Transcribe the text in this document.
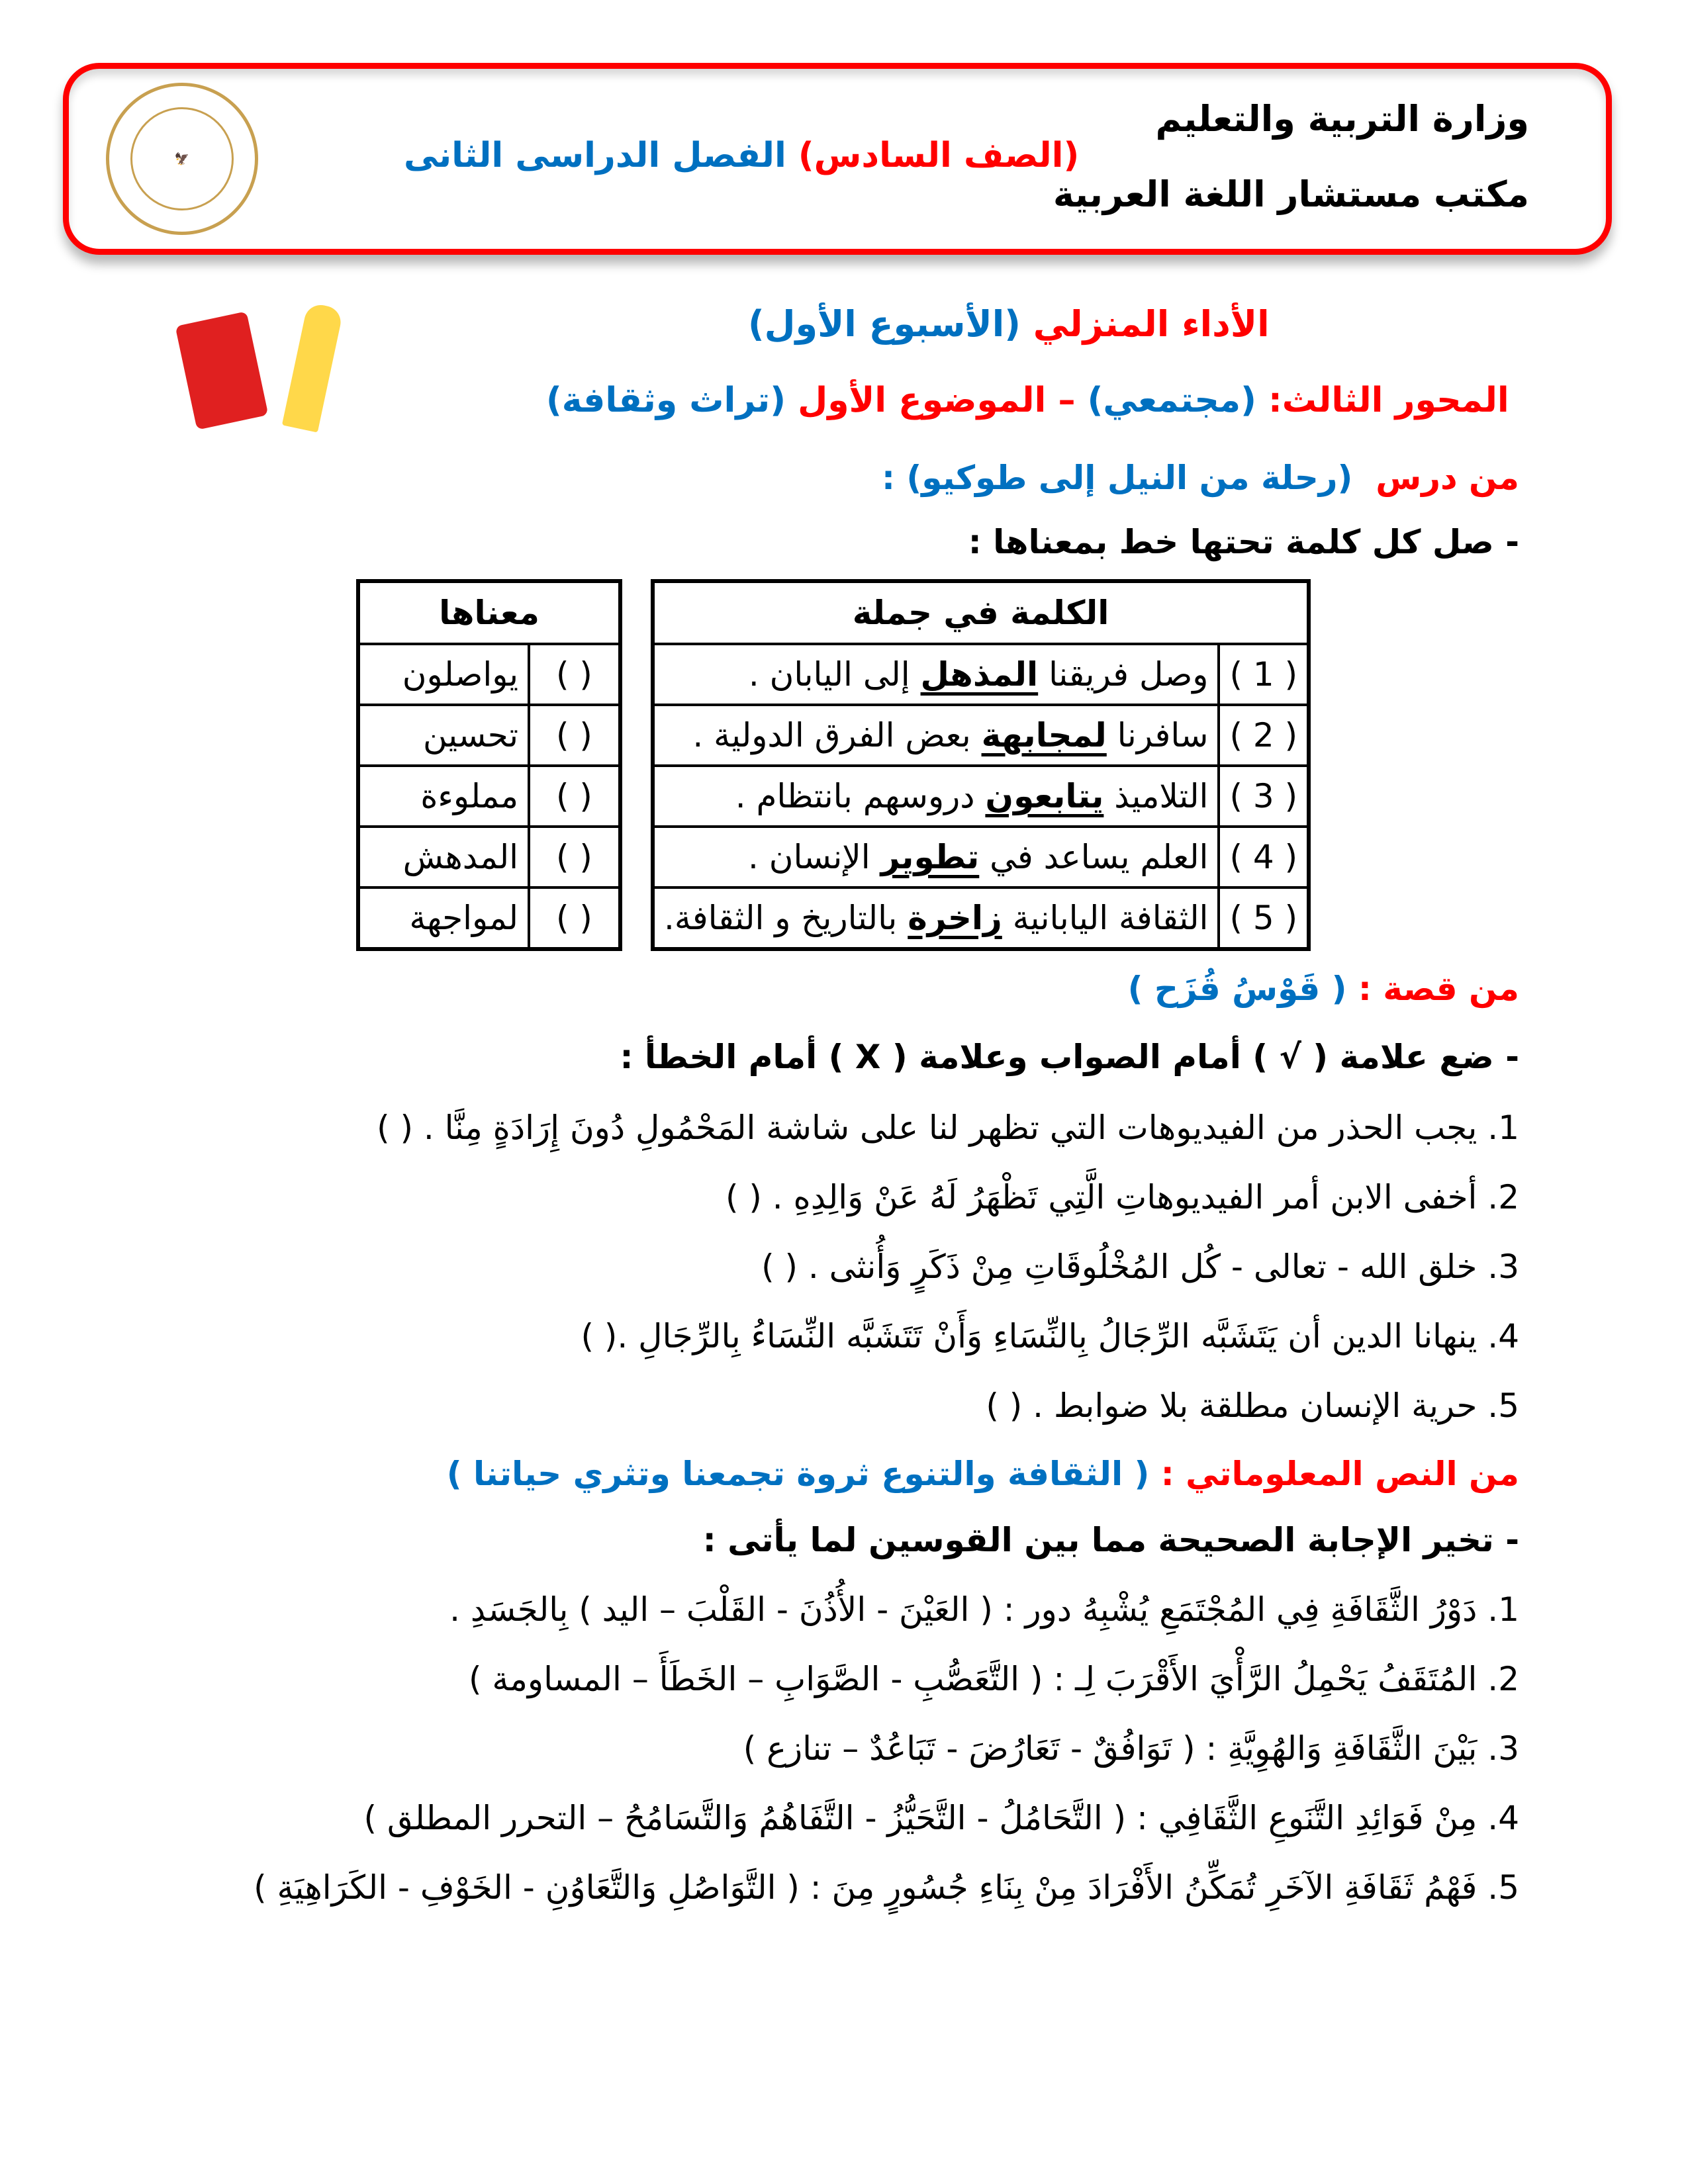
🦅
وزارة التربية والتعليم
مكتب مستشار اللغة العربية
(الصف السادس) الفصل الدراسى الثانى
الأداء المنزلي (الأسبوع الأول)
المحور الثالث: (مجتمعي) – الموضوع الأول (تراث وثقافة)
من درس  (رحلة من النيل إلى طوكيو) :
- صل كل كلمة تحتها خط بمعناها :
الكلمة في جملة	
( 1 )	وصل فريقنا المذهل إلى اليابان .
( 2 )	سافرنا لمجابهة بعض الفرق الدولية .
( 3 )	التلاميذ يتابعون دروسهم بانتظام .
( 4 )	العلم يساعد في تطوير الإنسان .
( 5 )	الثقافة اليابانية زاخرة بالتاريخ و الثقافة.
معناها	
( )	يواصلون
( )	تحسين
( )	مملوءة
( )	المدهش
( )	لمواجهة
من قصة : ( قَوْسُ قُزَح )
- ضع علامة ( √ ) أمام الصواب وعلامة ( X ) أمام الخطأ :
1. يجب الحذر من الفيديوهات التي تظهر لنا على شاشة المَحْمُولِ دُونَ إِرَادَةٍ مِنَّا . ( )
2. أخفى الابن أمر الفيديوهاتِ الَّتِي تَظْهَرُ لَهُ عَنْ وَالِدِهِ . ( )
3. خلق الله - تعالى - كُل المُخْلُوقَاتِ مِنْ ذَكَرٍ وَأُنثى . ( )
4. ينهانا الدين أن يَتَشَبَّه الرِّجَالُ بِالنِّسَاءِ وَأَنْ تَتَشَبَّه النِّسَاءُ بِالرِّجَالِ .( )
5. حرية الإنسان مطلقة بلا ضوابط . ( )
من النص المعلوماتي : ( الثقافة والتنوع ثروة تجمعنا وتثري حياتنا )
- تخير الإجابة الصحيحة مما بين القوسين لما يأتى :
1. دَوْرُ الثَّقَافَةِ فِي المُجْتَمَعِ يُشْبِهُ دور : ( العَيْنَ - الأُذُنَ - القَلْبَ – اليد ) بِالجَسَدِ .
2. المُتَقَفُ يَحْمِلُ الرَّأْيَ الأَقْرَبَ لِـ : ( التَّعَصُّبِ - الصَّوَابِ – الخَطَأَ – المساومة )
3. بَيْنَ الثَّقَافَةِ وَالهُوِيَّةِ : ( تَوَافُقٌ - تَعَارُضَ - تَبَاعُدٌ – تنازع )
4. مِنْ فَوَائِدِ التَّنَوعِ الثَّقَافِي : ( التَّحَامُلُ - التَّحَيُّزُ - التَّفَاهُمُ وَالتَّسَامُحُ – التحرر المطلق )
5. فَهْمُ ثَقَافَةِ الآخَرِ تُمَكِّنُ الأَفْرَادَ مِنْ بِنَاءِ جُسُورٍ مِنَ : ( التَّوَاصُلِ وَالتَّعَاوُنِ - الخَوْفِ - الكَرَاهِيَةِ )
